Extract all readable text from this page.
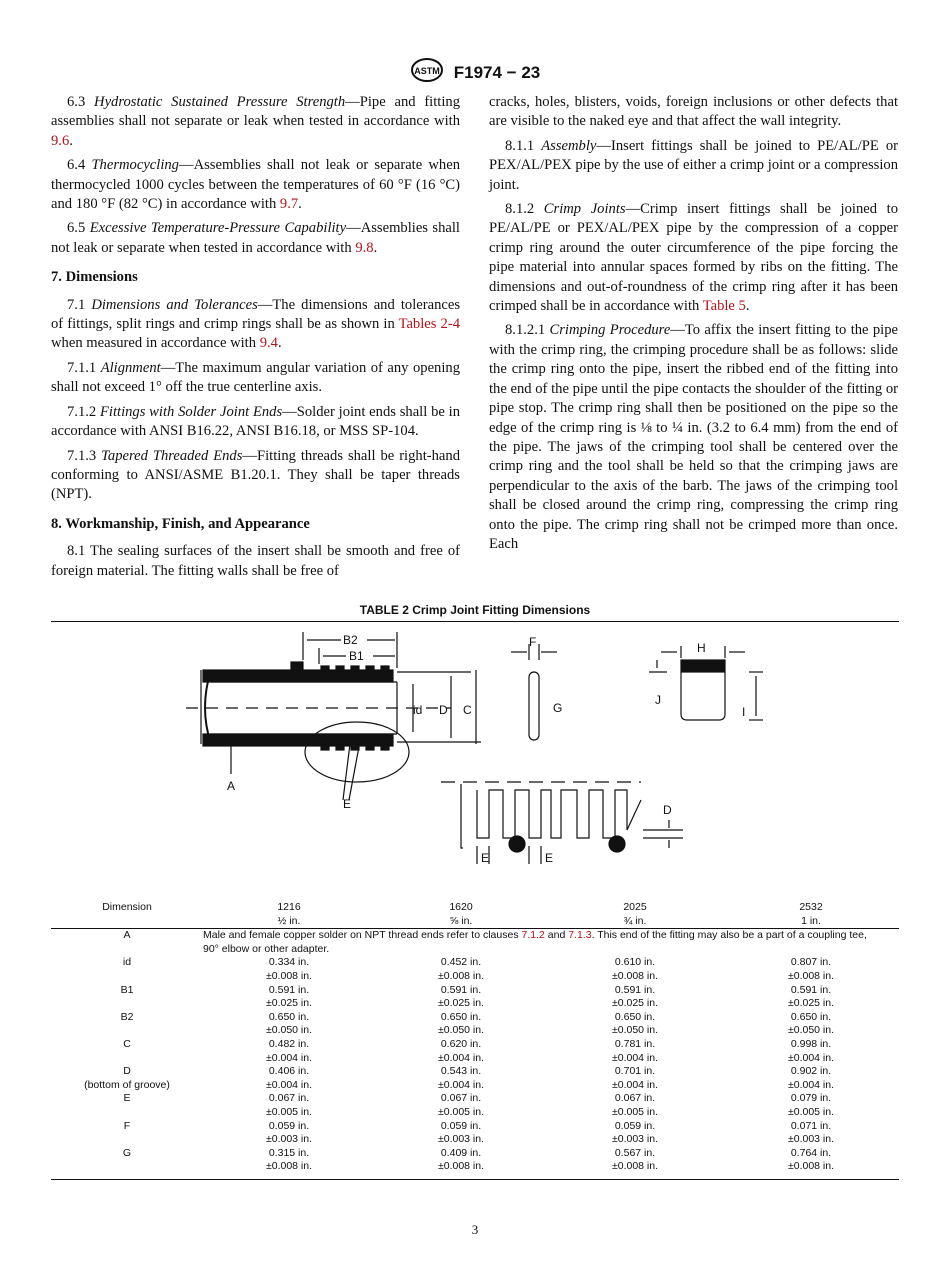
ASTM F1974 − 23

6.3 Hydrostatic Sustained Pressure Strength—Pipe and fitting assemblies shall not separate or leak when tested in accordance with 9.6.

6.4 Thermocycling—Assemblies shall not leak or separate when thermocycled 1000 cycles between the temperatures of 60 °F (16 °C) and 180 °F (82 °C) in accordance with 9.7.

6.5 Excessive Temperature-Pressure Capability—Assemblies shall not leak or separate when tested in accordance with 9.8.

7. Dimensions

7.1 Dimensions and Tolerances—The dimensions and tolerances of fittings, split rings and crimp rings shall be as shown in Tables 2-4 when measured in accordance with 9.4.

7.1.1 Alignment—The maximum angular variation of any opening shall not exceed 1° off the true centerline axis.

7.1.2 Fittings with Solder Joint Ends—Solder joint ends shall be in accordance with ANSI B16.22, ANSI B16.18, or MSS SP-104.

7.1.3 Tapered Threaded Ends—Fitting threads shall be right-hand conforming to ANSI/ASME B1.20.1. They shall be taper threads (NPT).

8. Workmanship, Finish, and Appearance

8.1 The sealing surfaces of the insert shall be smooth and free of foreign material. The fitting walls shall be free of

cracks, holes, blisters, voids, foreign inclusions or other defects that are visible to the naked eye and that affect the wall integrity.

8.1.1 Assembly—Insert fittings shall be joined to PE/AL/PE or PEX/AL/PEX pipe by the use of either a crimp joint or a compression joint.

8.1.2 Crimp Joints—Crimp insert fittings shall be joined to PE/AL/PE or PEX/AL/PEX pipe by the compression of a copper crimp ring around the outer circumference of the pipe forcing the pipe material into annular spaces formed by ribs on the fitting. The dimensions and out-of-roundness of the crimp ring after it has been crimped shall be in accordance with Table 5.

8.1.2.1 Crimping Procedure—To affix the insert fitting to the pipe with the crimp ring, the crimping procedure shall be as follows: slide the crimp ring onto the pipe, insert the ribbed end of the fitting into the end of the pipe until the pipe contacts the shoulder of the fitting or pipe stop. The crimp ring shall then be positioned on the pipe so the edge of the crimp ring is ⅛ to ¼ in. (3.2 to 6.4 mm) from the end of the pipe. The jaws of the crimping tool shall be centered over the crimp ring and the tool shall be held so that the crimping jaws are perpendicular to the axis of the barb. The jaws of the crimping tool shall be closed around the crimp ring, compressing the crimp ring onto the pipe. The crimp ring shall not be crimped more than once. Each

TABLE 2 Crimp Joint Fitting Dimensions
B2
B1
F	H
id D C	G
J
I
A
E	D
E	E
Dimension	1216	1620	2025	2532
	½ in.	⅝ in.	¾ in.	1 in.
A	Male and female copper solder on NPT thread ends refer to clauses 7.1.2 and 7.1.3. This end of the fitting may also be a part of a coupling tee, 90° elbow or other adapter.			
id	0.334 in.	0.452 in.	0.610 in.	0.807 in.
	±0.008 in.	±0.008 in.	±0.008 in.	±0.008 in.
B1	0.591 in.	0.591 in.	0.591 in.	0.591 in.
	±0.025 in.	±0.025 in.	±0.025 in.	±0.025 in.
B2	0.650 in.	0.650 in.	0.650 in.	0.650 in.
	±0.050 in.	±0.050 in.	±0.050 in.	±0.050 in.
C	0.482 in.	0.620 in.	0.781 in.	0.998 in.
	±0.004 in.	±0.004 in.	±0.004 in.	±0.004 in.
D	0.406 in.	0.543 in.	0.701 in.	0.902 in.
(bottom of groove)	±0.004 in.	±0.004 in.	±0.004 in.	±0.004 in.
E	0.067 in.	0.067 in.	0.067 in.	0.079 in.
	±0.005 in.	±0.005 in.	±0.005 in.	±0.005 in.
F	0.059 in.	0.059 in.	0.059 in.	0.071 in.
	±0.003 in.	±0.003 in.	±0.003 in.	±0.003 in.
G	0.315 in.	0.409 in.	0.567 in.	0.764 in.
	±0.008 in.	±0.008 in.	±0.008 in.	±0.008 in.
3
